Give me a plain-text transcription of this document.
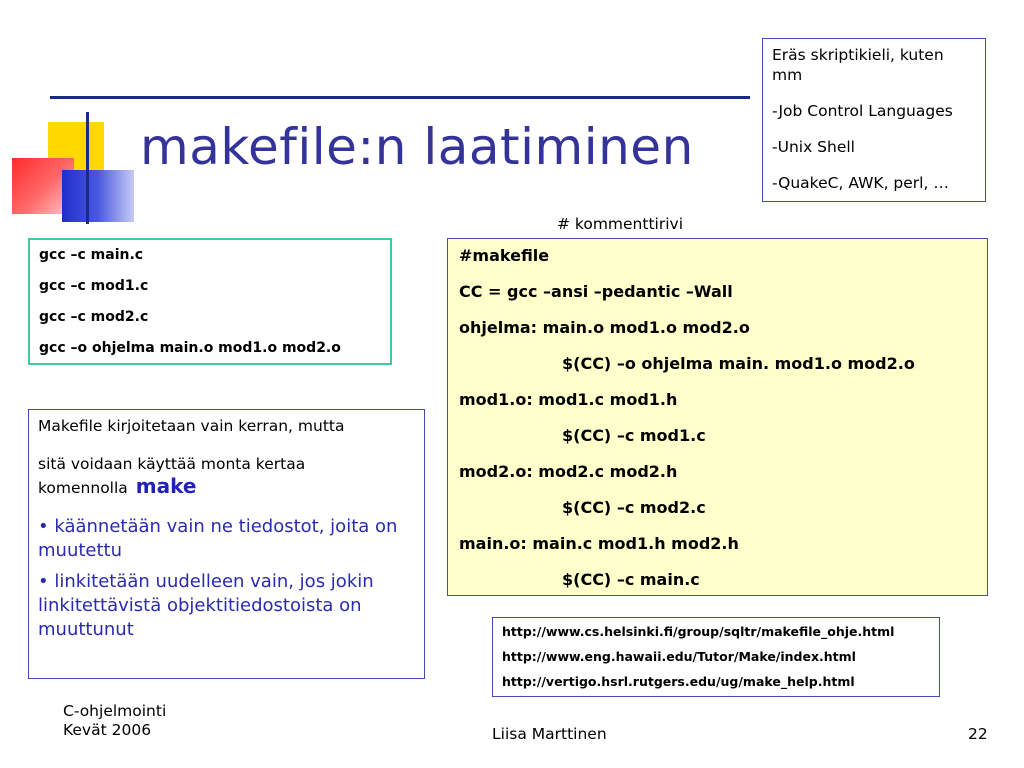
makefile:n laatiminen

Eräs skriptikieli, kuten mm

-Job Control Languages

-Unix Shell

-QuakeC, AWK, perl, …

# kommenttirivi
gcc –c main.c
gcc –c mod1.c
gcc –c mod2.c
gcc –o ohjelma main.o mod1.o mod2.o
#makefile
CC = gcc –ansi –pedantic –Wall
ohjelma: main.o mod1.o mod2.o
$(CC) –o ohjelma main. mod1.o mod2.o
mod1.o: mod1.c mod1.h
$(CC) –c mod1.c
mod2.o: mod2.c mod2.h
$(CC) –c mod2.c
main.o: main.c mod1.h mod2.h
$(CC) –c main.c
Makefile kirjoitetaan vain kerran, mutta
sitä voidaan käyttää monta kertaa komennolla make

• käännetään vain ne tiedostot, joita on muutettu

• linkitetään uudelleen vain, jos jokin linkitettävistä objektitiedostoista on muuttunut	http://www.cs.helsinki.fi/group/sqltr/makefile_ohje.html
http://www.eng.hawaii.edu/Tutor/Make/index.html
http://vertigo.hsrl.rutgers.edu/ug/make_help.html
C-ohjelmointi
Kevät 2006	Liisa Marttinen	22
